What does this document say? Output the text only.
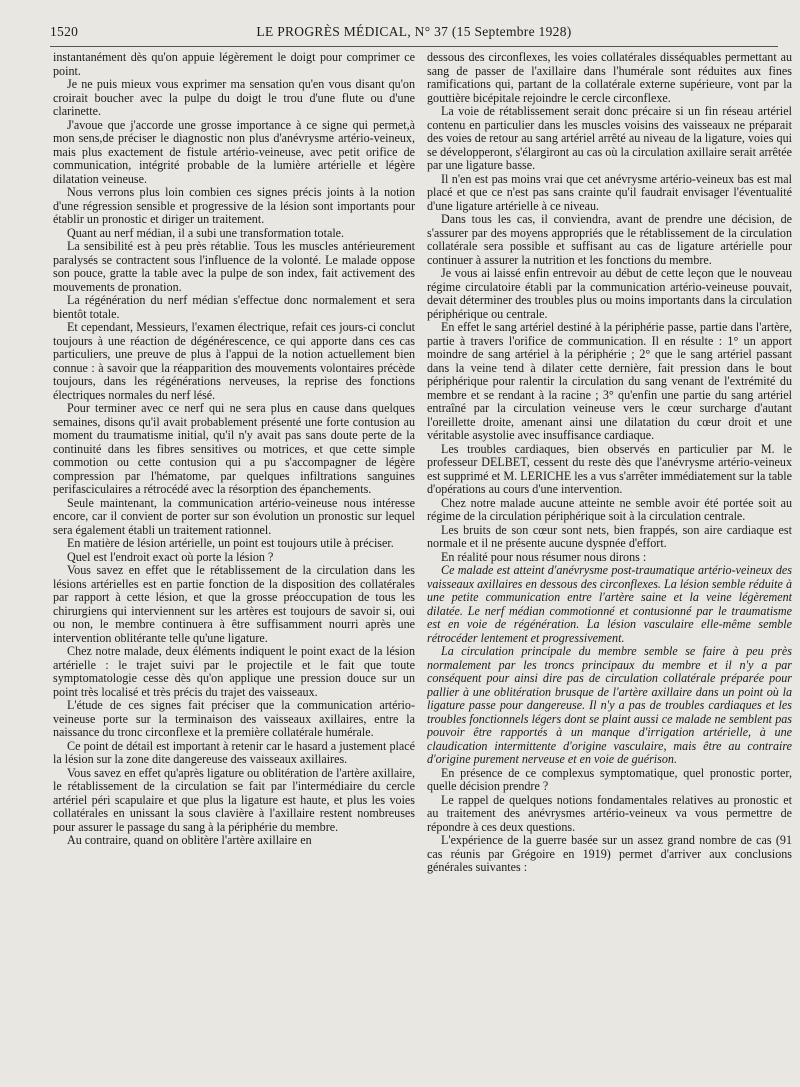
1520	LE PROGRÈS MÉDICAL, N° 37 (15 Septembre 1928)

instantanément dès qu'on appuie légèrement le doigt pour comprimer ce point.

Je ne puis mieux vous exprimer ma sensation qu'en vous disant qu'on croirait boucher avec la pulpe du doigt le trou d'une flute ou d'une clarinette.

J'avoue que j'accorde une grosse importance à ce signe qui permet,à mon sens,de préciser le diagnostic non plus d'anévrysme artério-veineux, mais plus exactement de fistule artério-veineuse, avec petit orifice de communication, intégrité probable de la lumière artérielle et légère dilatation veineuse.

Nous verrons plus loin combien ces signes précis joints à la notion d'une régression sensible et progressive de la lésion sont importants pour établir un pronostic et diriger un traitement.

Quant au nerf médian, il a subi une transformation totale.

La sensibilité est à peu près rétablie. Tous les muscles antérieurement paralysés se contractent sous l'influence de la volonté. Le malade oppose son pouce, gratte la table avec la pulpe de son index, fait activement des mouvements de pronation.

La régénération du nerf médian s'effectue donc normalement et sera bientôt totale.

Et cependant, Messieurs, l'examen électrique, refait ces jours-ci conclut toujours à une réaction de dégénérescence, ce qui apporte dans ces cas particuliers, une preuve de plus à l'appui de la notion actuellement bien connue : à savoir que la réapparition des mouvements volontaires précède toujours, dans les régénérations nerveuses, la reprise des fonctions électriques normales du nerf lésé.

Pour terminer avec ce nerf qui ne sera plus en cause dans quelques semaines, disons qu'il avait probablement présenté une forte contusion au moment du traumatisme initial, qu'il n'y avait pas sans doute perte de la continuité dans les fibres sensitives ou motrices, et que cette simple commotion ou cette contusion qui a pu s'accompagner de légère compression par l'hématome, par quelques infiltrations sanguines perifasciculaires a rétrocédé avec la résorption des épanchements.

Seule maintenant, la communication artério-veineuse nous intéresse encore, car il convient de porter sur son évolution un pronostic sur lequel sera également établi un traitement rationnel.

En matière de lésion artérielle, un point est toujours utile à préciser.

Quel est l'endroit exact où porte la lésion ?

Vous savez en effet que le rétablissement de la circulation dans les lésions artérielles est en partie fonction de la disposition des collatérales par rapport à cette lésion, et que la grosse préoccupation de tous les chirurgiens qui interviennent sur les artères est toujours de savoir si, oui ou non, le membre continuera à être suffisamment nourri après une intervention oblitérante telle qu'une ligature.

Chez notre malade, deux éléments indiquent le point exact de la lésion artérielle : le trajet suivi par le projectile et le fait que toute symptomatologie cesse dès qu'on applique une pression douce sur un point très localisé et très précis du trajet des vaisseaux.

L'étude de ces signes fait préciser que la communication artério-veineuse porte sur la terminaison des vaisseaux axillaires, entre la naissance du tronc circonflexe et la première collatérale humérale.

Ce point de détail est important à retenir car le hasard a justement placé la lésion sur la zone dite dangereuse des vaisseaux axillaires.

Vous savez en effet qu'après ligature ou oblitération de l'artère axillaire, le rétablissement de la circulation se fait par l'intermédiaire du cercle artériel péri scapulaire et que plus la ligature est haute, et plus les voies collatérales en unissant la sous clavière à l'axillaire restent nombreuses pour assurer le passage du sang à la périphérie du membre.

Au contraire, quand on oblitère l'artère axillaire en

dessous des circonflexes, les voies collatérales disséquables permettant au sang de passer de l'axillaire dans l'humérale sont réduites aux fines ramifications qui, partant de la collatérale externe supérieure, vont par la gouttière bicépitale rejoindre le cercle circonflexe.

La voie de rétablissement serait donc précaire si un fin réseau artériel contenu en particulier dans les muscles voisins des vaisseaux ne préparait des voies de retour au sang artériel arrêté au niveau de la ligature, voies qui se développeront, s'élargiront au cas où la circulation axillaire serait arrêtée par une ligature basse.

Il n'en est pas moins vrai que cet anévrysme artério-veineux bas est mal placé et que ce n'est pas sans crainte qu'il faudrait envisager l'éventualité d'une ligature artérielle à ce niveau.

Dans tous les cas, il conviendra, avant de prendre une décision, de s'assurer par des moyens appropriés que le rétablissement de la circulation collatérale sera possible et suffisant au cas de ligature artérielle pour continuer à assurer la nutrition et les fonctions du membre.

Je vous ai laissé enfin entrevoir au début de cette leçon que le nouveau régime circulatoire établi par la communication artério-veineuse pouvait, devait déterminer des troubles plus ou moins importants dans la circulation périphérique ou centrale.

En effet le sang artériel destiné à la périphérie passe, partie dans l'artère, partie à travers l'orifice de communication. Il en résulte : 1° un apport moindre de sang artériel à la périphérie ; 2° que le sang artériel passant dans la veine tend à dilater cette dernière, fait pression dans le bout périphérique pour ralentir la circulation du sang venant de l'extrémité du membre et se rendant à la racine ; 3° qu'enfin une partie du sang artériel entraîné par la circulation veineuse vers le cœur surcharge d'autant l'oreillette droite, amenant ainsi une dilatation du cœur droit et une véritable asystolie avec insuffisance cardiaque.

Les troubles cardiaques, bien observés en particulier par M. le professeur DELBET, cessent du reste dès que l'anévrysme artério-veineux est supprimé et M. LERICHE les a vus s'arrêter immédiatement sur la table d'opérations au cours d'une intervention.

Chez notre malade aucune atteinte ne semble avoir été portée soit au régime de la circulation périphérique soit à la circulation centrale.

Les bruits de son cœur sont nets, bien frappés, son aire cardiaque est normale et il ne présente aucune dyspnée d'effort.

En réalité pour nous résumer nous dirons :

Ce malade est atteint d'anévrysme post-traumatique artério-veineux des vaisseaux axillaires en dessous des circonflexes. La lésion semble réduite à une petite communication entre l'artère saine et la veine légèrement dilatée. Le nerf médian commotionné et contusionné par le traumatisme est en voie de régénération. La lésion vasculaire elle-même semble rétrocéder lentement et progressivement.

La circulation principale du membre semble se faire à peu près normalement par les troncs principaux du membre et il n'y a par conséquent pour ainsi dire pas de circulation collatérale préparée pour pallier à une oblitération brusque de l'artère axillaire dans un point où la ligature passe pour dangereuse. Il n'y a pas de troubles cardiaques et les troubles fonctionnels légers dont se plaint aussi ce malade ne semblent pas pouvoir être rapportés à un manque d'irrigation artérielle, à une claudication intermittente d'origine vasculaire, mais être au contraire d'origine purement nerveuse et en voie de guérison.

En présence de ce complexus symptomatique, quel pronostic porter, quelle décision prendre ?

Le rappel de quelques notions fondamentales relatives au pronostic et au traitement des anévrysmes artério-veineux va vous permettre de répondre à ces deux questions.

L'expérience de la guerre basée sur un assez grand nombre de cas (91 cas réunis par Grégoire en 1919) permet d'arriver aux conclusions générales suivantes :
